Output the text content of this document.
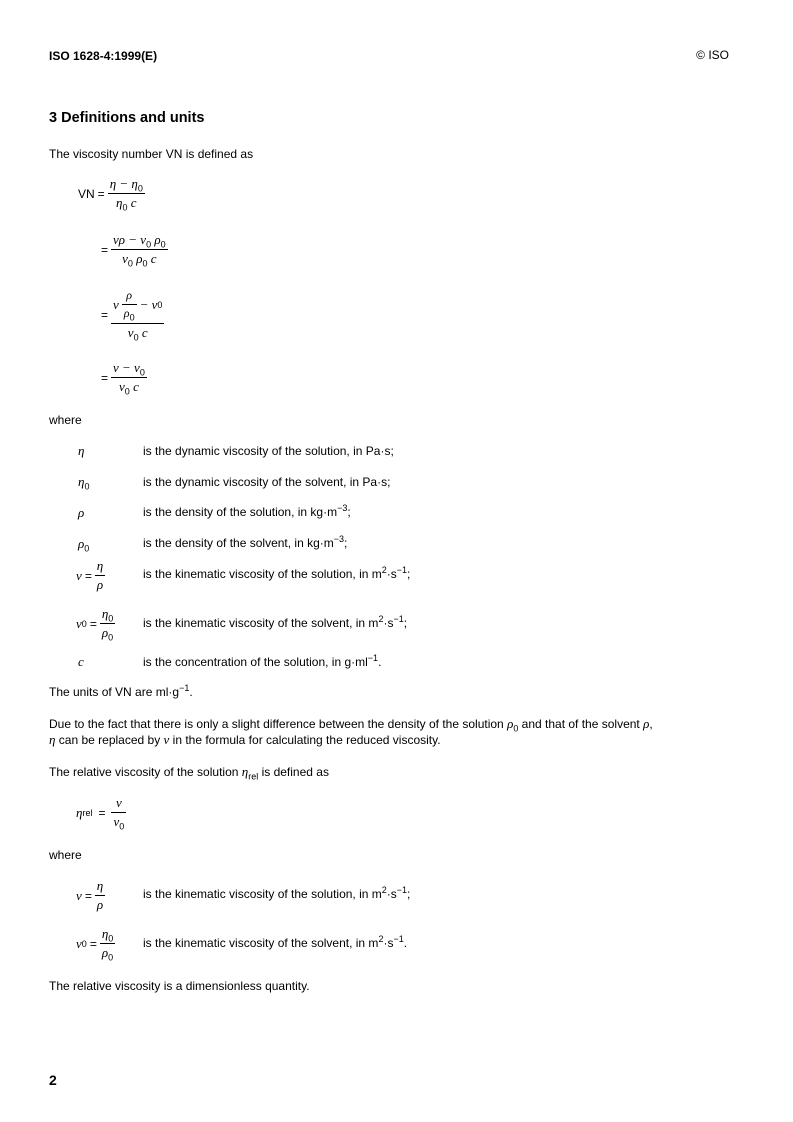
ISO 1628-4:1999(E)	© ISO
3 Definitions and units
The viscosity number VN is defined as
VN = $\frac{\eta - \eta_0}{\eta_0 c}$
= $\frac{\nu\rho - \nu_0 \rho_0}{\nu_0 \rho_0 c}$
= $\frac{\nu \frac{\rho}{\rho_0} - \nu 0}{\nu_0 c}$
= $\frac{\nu - \nu_0}{\nu_0 c}$
where
η	is the dynamic viscosity of the solution, in Pa·s;
$\eta_0$	is the dynamic viscosity of the solvent, in Pa·s;
ρ	is the density of the solution, in $kg\cdot m^{-3}$;
$\rho_0$	is the density of the solvent, in $kg\cdot m^{-3}$;
$\nu = \frac{\eta}{\rho}$	is the kinematic viscosity of the solution, in $m^2\cdot s^{-1}$;
ν $0 = \frac{\eta_0}{\rho_0}$ is the kinematic viscosity of the solvent, in $m^2\cdot s^{-1}$;
c	is the concentration of the solution, in $g\cdot ml^{-1}$.
The units of VN are $ml\cdot g^{-1}$.
Due to the fact that there is only a slight difference between the density of the solution $\rho_0$ and that of the solvent ρ,
η can be replaced by ν in the formula for calculating the reduced viscosity.
The relative viscosity of the solution $\eta_{rel}$ is defined as
η rel = $\frac{\nu}{\nu_0}$
where
$\nu = \frac{\eta}{\rho}$	is the kinematic viscosity of the solution, in $m^2\cdot s^{-1}$;
ν $0 = \frac{\eta_0}{\rho_0}$ is the kinematic viscosity of the solvent, in $m^2\cdot s^{-1}$.
The relative viscosity is a dimensionless quantity.
2
